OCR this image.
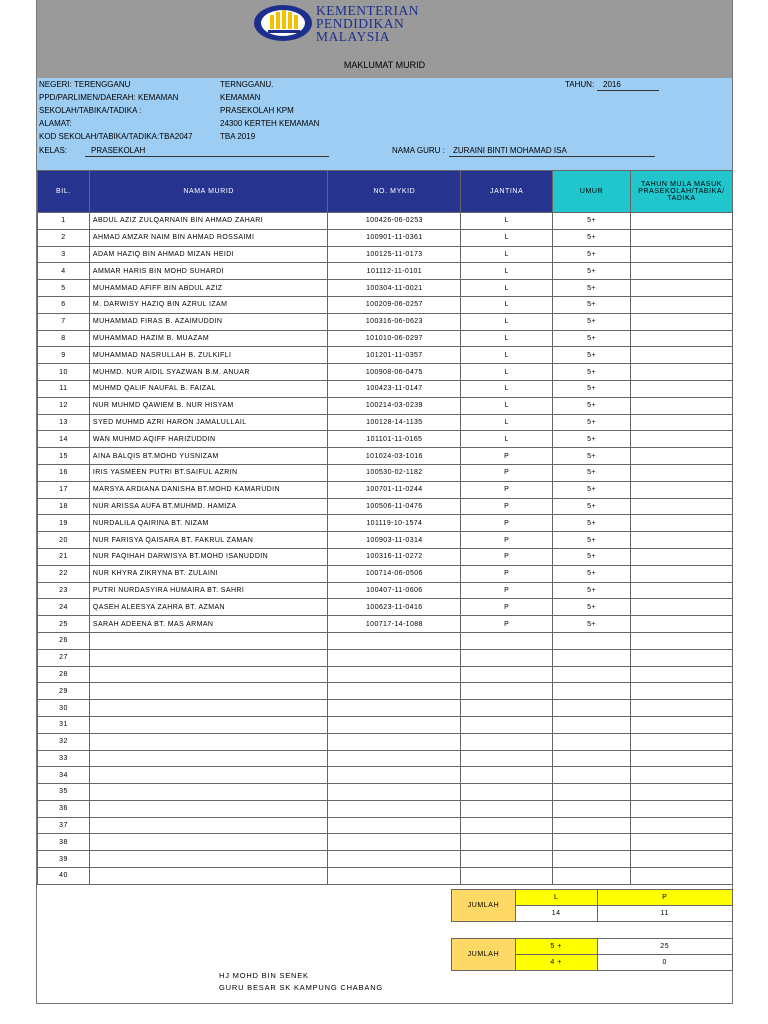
KEMENTERIAN
PENDIDIKAN
MALAYSIA
MAKLUMAT MURID
NEGERI: TERENGGANU	TERNGGANU.	TAHUN: 2016
PPD/PARLIMEN/DAERAH: KEMAMAN	KEMAMAN
SEKOLAH/TABIKA/TADIKA :	PRASEKOLAH KPM
ALAMAT:	24300 KERTEH KEMAMAN
KOD SEKOLAH/TABIKA/TADIKA:TBA2047	TBA 2019
KELAS:	PRASEKOLAH	NAMA GURU : ZURAINI BINTI MOHAMAD ISA
BIL.	NAMA MURID	NO. MYKID	JANTINA	UMUR	TAHUN MULA MASUK PRASEKOLAH/TABIKA/ TADIKA
1	ABDUL AZIZ ZULQARNAIN BIN AHMAD ZAHARI	100426-06-0253	L	5+	
2	AHMAD AMZAR NAIM BIN AHMAD ROSSAIMI	100901-11-0361	L	5+	
3	ADAM HAZIQ BIN AHMAD MIZAN HEIDI	100125-11-0173	L	5+	
4	AMMAR HARIS BIN MOHD SUHARDI	101112-11-0101	L	5+	
5	MUHAMMAD AFIFF BIN ABDUL AZIZ	100304-11-0021	L	5+	
6	M. DARWISY HAZIQ BIN AZRUL IZAM	100209-06-0257	L	5+	
7	MUHAMMAD FIRAS B. AZAIMUDDIN	100316-06-0623	L	5+	
8	MUHAMMAD HAZIM B. MUAZAM	101010-06-0297	L	5+	
9	MUHAMMAD NASRULLAH B. ZULKIFLI	101201-11-0357	L	5+	
10	MUHMD. NUR AIDIL SYAZWAN B.M. ANUAR	100908-06-0475	L	5+	
11	MUHMD QALIF NAUFAL B. FAIZAL	100423-11-0147	L	5+	
12	NUR MUHMD QAWIEM B. NUR HISYAM	100214-03-0239	L	5+	
13	SYED MUHMD AZRI HARON JAMALULLAIL	100128-14-1135	L	5+	
14	WAN MUHMD AQIFF HARIZUDDIN	101101-11-0165	L	5+	
15	AINA BALQIS BT.MOHD YUSNIZAM	101024-03-1016	P	5+	
16	IRIS YASMEEN PUTRI BT.SAIFUL AZRIN	100530-02-1182	P	5+	
17	MARSYA ARDIANA DANISHA BT.MOHD KAMARUDIN	100701-11-0244	P	5+	
18	NUR ARISSA AUFA BT.MUHMD. HAMIZA	100506-11-0476	P	5+	
19	NURDALILA QAIRINA BT. NIZAM	101119-10-1574	P	5+	
20	NUR FARISYA QAISARA BT. FAKRUL ZAMAN	100903-11-0314	P	5+	
21	NUR FAQIHAH DARWISYA BT.MOHD ISANUDDIN	100316-11-0272	P	5+	
22	NUR KHYRA ZIKRYNA BT. ZULAINI	100714-06-0506	P	5+	
23	PUTRI NURDASYIRA HUMAIRA BT. SAHRI	100407-11-0606	P	5+	
24	QASEH ALEESYA ZAHRA BT. AZMAN	100623-11-0416	P	5+	
25	SARAH ADEENA BT. MAS ARMAN	100717-14-1088	P	5+	
26					
27					
28					
29					
30					
31					
32					
33					
34					
35					
36					
37					
38					
39					
40					
JUMLAH	L	P
	14	11
JUMLAH	5 +	25
	4 +	0
HJ MOHD BIN SENEK
GURU BESAR SK KAMPUNG CHABANG
